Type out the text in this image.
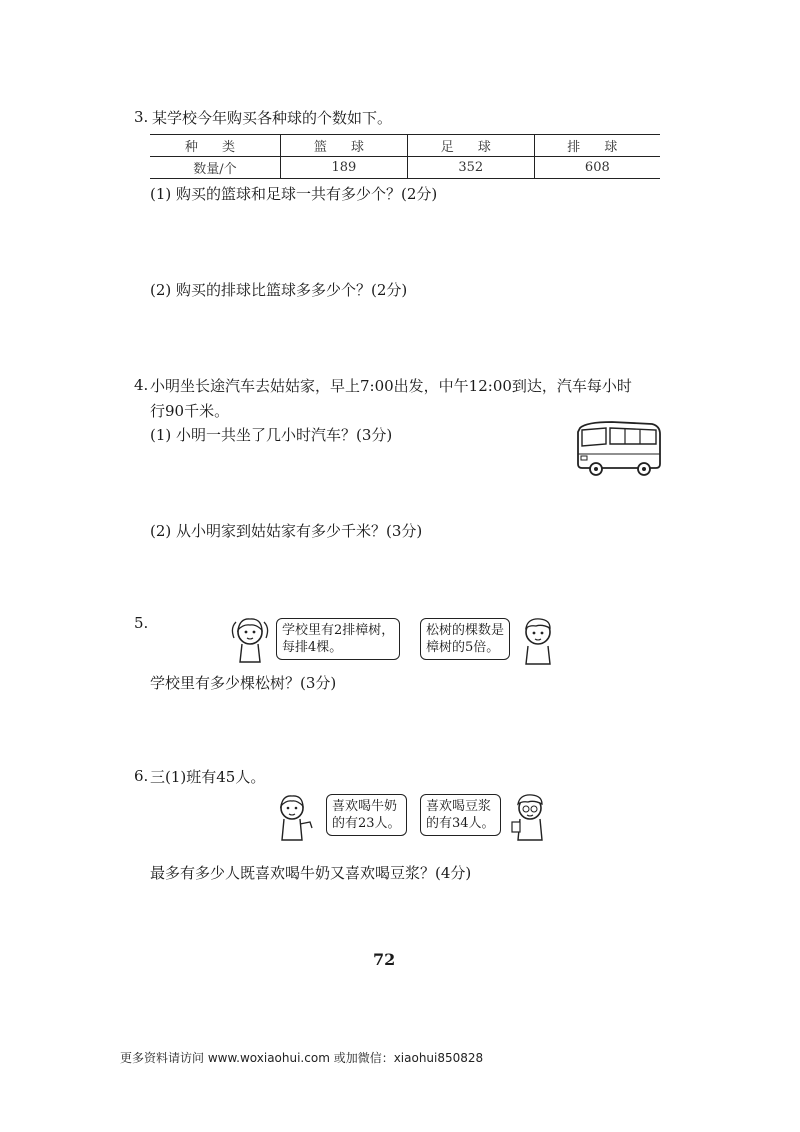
3. 某学校今年购买各种球的个数如下。
种 类	篮 球	足 球	排 球
数量/个	189	352	608
(1) 购买的篮球和足球一共有多少个？(2分)
(2) 购买的排球比篮球多多少个？(2分)
4. 小明坐长途汽车去姑姑家，早上7:00出发，中午12:00到达，汽车每小时
行90千米。
(1) 小明一共坐了几小时汽车？(3分)
(2) 从小明家到姑姑家有多少千米？(3分)
5.	学校里有2排樟树，
每排4棵。
松树的棵数是
樟树的5倍。
学校里有多少棵松树？(3分)
6. 三(1)班有45人。
喜欢喝牛奶
的有23人。
喜欢喝豆浆
的有34人。
最多有多少人既喜欢喝牛奶又喜欢喝豆浆？(4分)
72
更多资料请访问 www.woxiaohui.com 或加微信：xiaohui850828
